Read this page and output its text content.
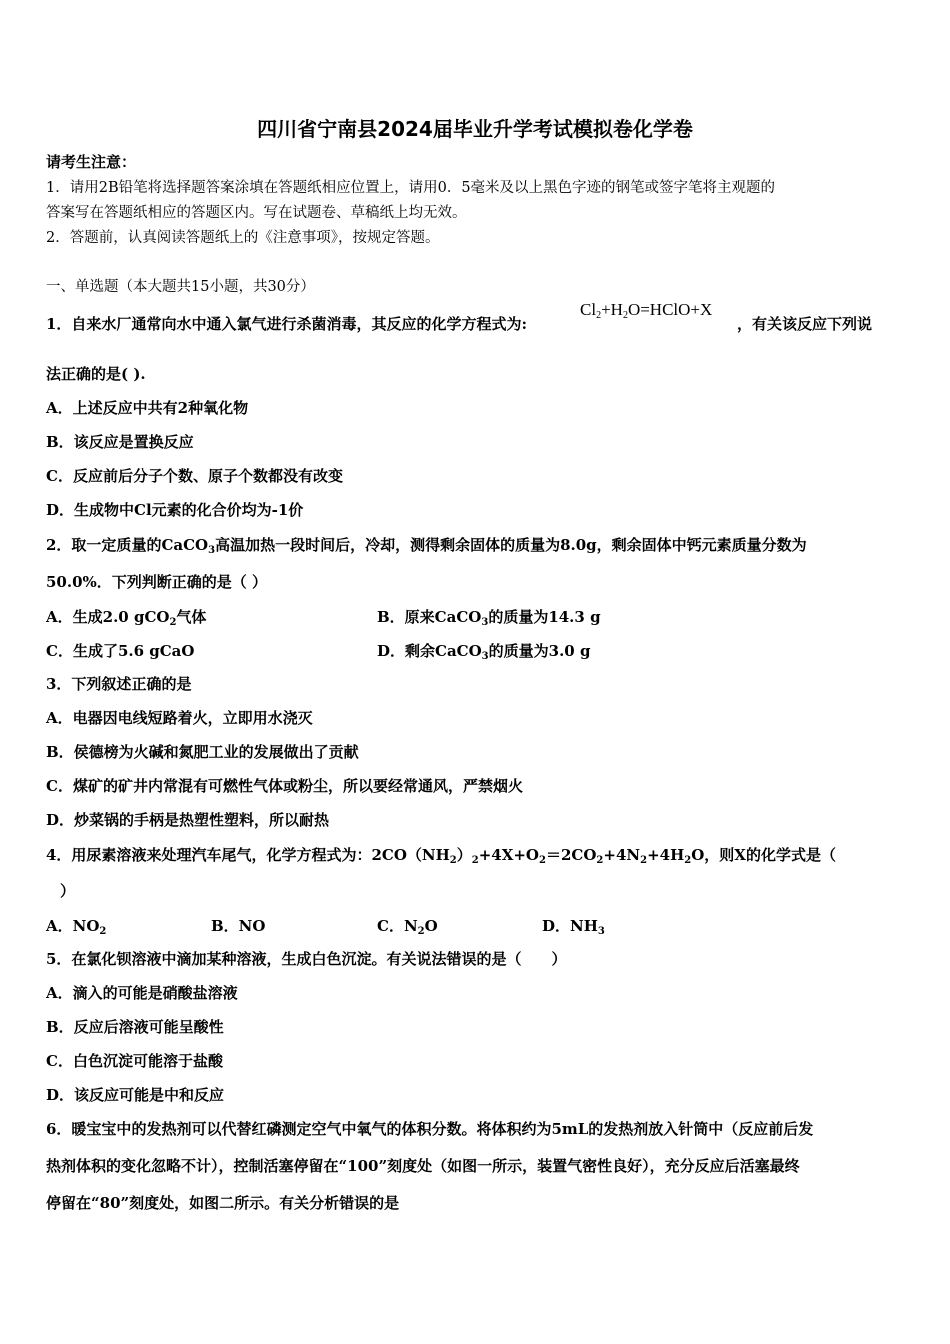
四川省宁南县2024届毕业升学考试模拟卷化学卷
请考生注意：
1．请用2B铅笔将选择题答案涂填在答题纸相应位置上，请用0．5毫米及以上黑色字迹的钢笔或签字笔将主观题的
答案写在答题纸相应的答题区内。写在试题卷、草稿纸上均无效。
2．答题前，认真阅读答题纸上的《注意事项》，按规定答题。
一、单选题（本大题共15小题，共30分）
1．自来水厂通常向水中通入氯气进行杀菌消毒，其反应的化学方程式为:
$Cl_2+H_2O=HClO+X$
，有关该反应下列说
法正确的是( ).
A．上述反应中共有2种氧化物
B．该反应是置换反应
C．反应前后分子个数、原子个数都没有改变
D．生成物中Cl元素的化合价均为-1价
2．取一定质量的CaCO$_3$高温加热一段时间后，冷却，测得剩余固体的质量为8.0g，剩余固体中钙元素质量分数为
50.0%．下列判断正确的是（ ）
A．生成2.0 gCO$_2$气体	B．原来CaCO$_3$的质量为14.3 g
C．生成了5.6 gCaO	D．剩余CaCO$_3$的质量为3.0 g
3．下列叙述正确的是
A．电器因电线短路着火，立即用水浇灭
B．侯德榜为火碱和氮肥工业的发展做出了贡献
C．煤矿的矿井内常混有可燃性气体或粉尘，所以要经常通风，严禁烟火
D．炒菜锅的手柄是热塑性塑料，所以耐热
4．用尿素溶液来处理汽车尾气，化学方程式为：$2CO(NH_2)_2+4X+O_2=2CO_2+4N_2+4H_2O$，则X的化学式是（
）
A．$NO_2$	B．NO	C．$N_2O$	D．$NH_3$
5．在氯化钡溶液中滴加某种溶液，生成白色沉淀。有关说法错误的是（　　）
A．滴入的可能是硝酸盐溶液
B．反应后溶液可能呈酸性
C．白色沉淀可能溶于盐酸
D．该反应可能是中和反应
6．暖宝宝中的发热剂可以代替红磷测定空气中氧气的体积分数。将体积约为5mL的发热剂放入针筒中（反应前后发
热剂体积的变化忽略不计），控制活塞停留在“100”刻度处（如图一所示，装置气密性良好），充分反应后活塞最终
停留在“80”刻度处，如图二所示。有关分析错误的是
